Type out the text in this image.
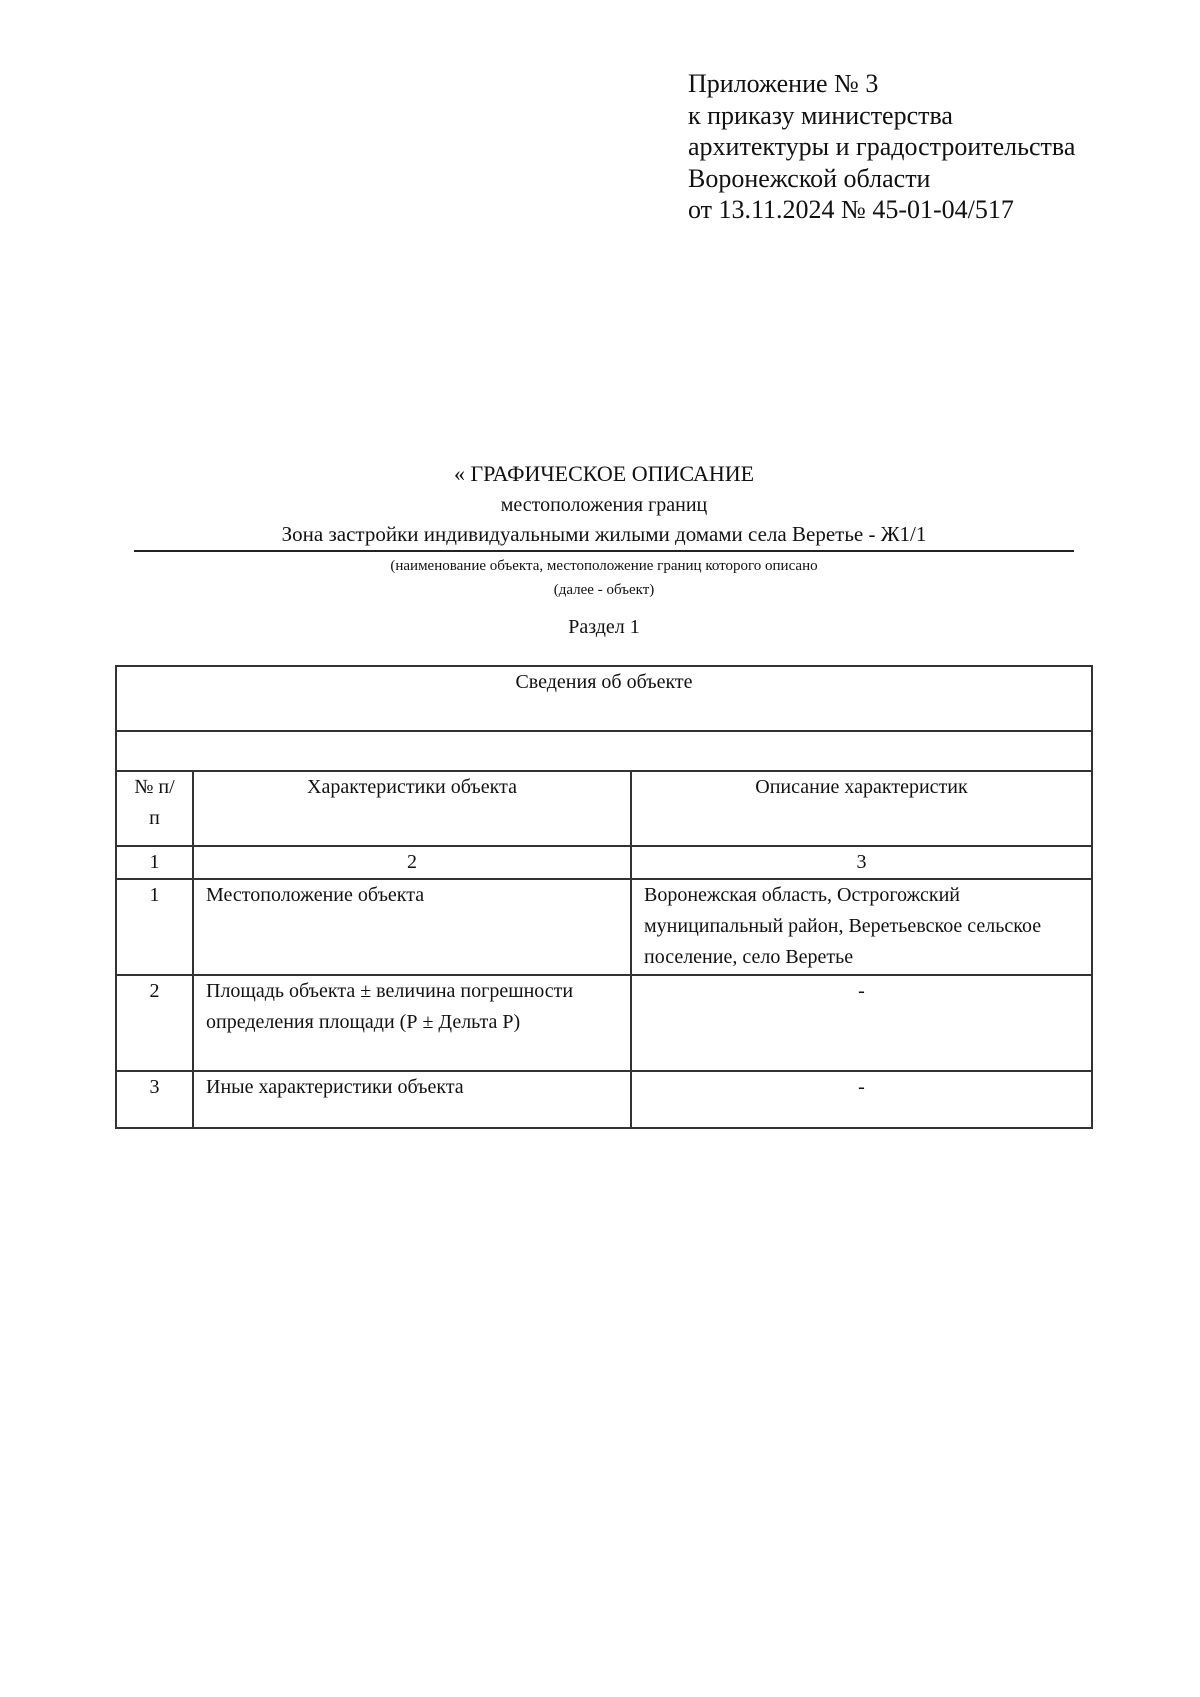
Приложение № 3
к приказу министерства
архитектуры и градостроительства
Воронежской области
от 13.11.2024 № 45-01-04/517
« ГРАФИЧЕСКОЕ ОПИСАНИЕ
местоположения границ
Зона застройки индивидуальными жилыми домами села Веретье - Ж1/1
(наименование объекта, местоположение границ которого описано
(далее - объект)
Раздел 1
Сведения об объекте		

№ п/п	Характеристики объекта	Описание характеристик
1	2	3
1	Местоположение объекта	Воронежская область, Острогожский муниципальный район, Веретьевское сельское поселение, село Веретье
2	Площадь объекта ± величина погрешности определения площади (Р ± Дельта Р)	-
3	Иные характеристики объекта	-
